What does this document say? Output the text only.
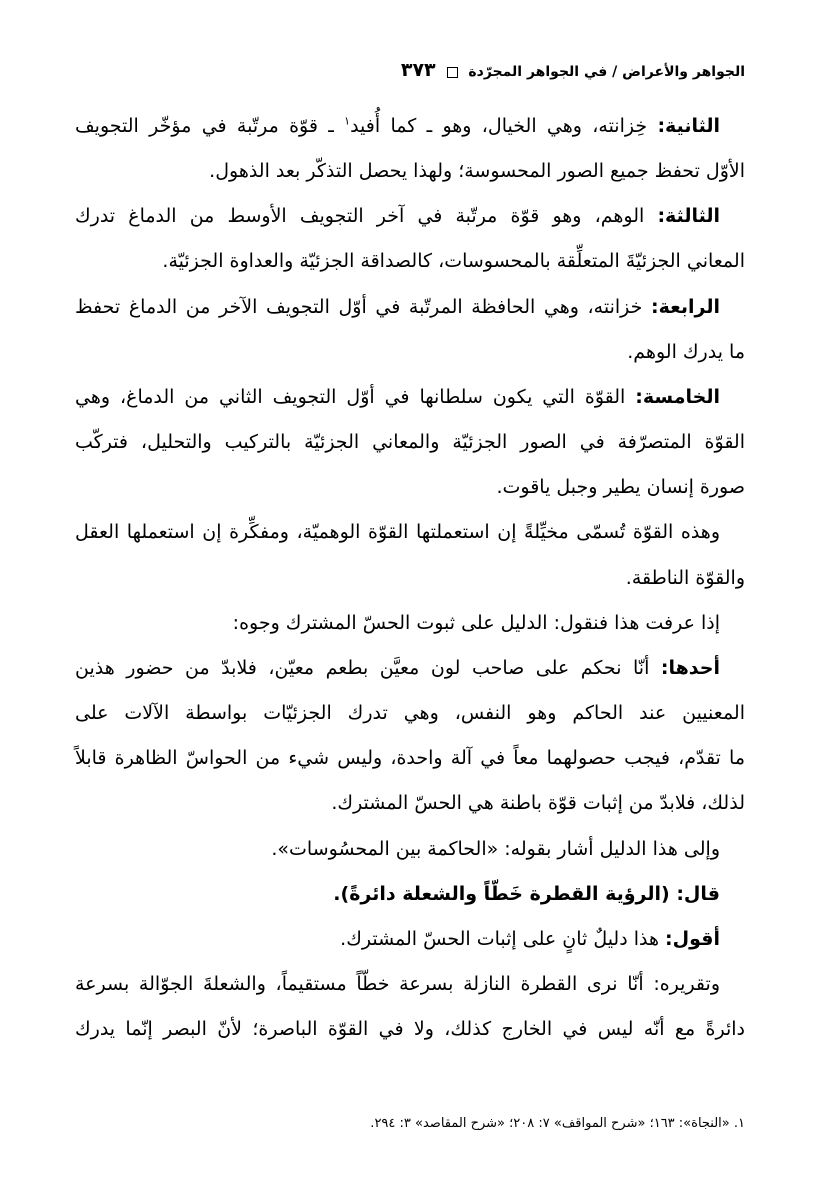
الجواهر والأعراض / في الجواهر المجرّدة  ٣٧٣
الثانية: خِزانته، وهي الخيال، وهو ـ كما أُفيد$^١$ ـ قوّة مرتّبة في مؤخّر التجويف
الأوّل تحفظ جميع الصور المحسوسة؛ ولهذا يحصل التذكّر بعد الذهول.
الثالثة: الوهم، وهو قوّة مرتّبة في آخر التجويف الأوسط من الدماغ تدرك
المعاني الجزئيّةَ المتعلِّقة بالمحسوسات، كالصداقة الجزئيّة والعداوة الجزئيّة.
الرابعة: خزانته، وهي الحافظة المرتّبة في أوّل التجويف الآخر من الدماغ تحفظ
ما يدرك الوهم.
الخامسة: القوّة التي يكون سلطانها في أوّل التجويف الثاني من الدماغ، وهي
القوّة المتصرّفة في الصور الجزئيّة والمعاني الجزئيّة بالتركيب والتحليل، فتركّب
صورة إنسان يطير وجبل ياقوت.
وهذه القوّة تُسمّى مخيِّلةً إن استعملتها القوّة الوهميّة، ومفكِّرة إن استعملها العقل
والقوّة الناطقة.
إذا عرفت هذا فنقول: الدليل على ثبوت الحسّ المشترك وجوه:
أحدها: أنّا نحكم على صاحب لون معيَّن بطعم معيّن، فلابدّ من حضور هذين
المعنيين عند الحاكم وهو النفس، وهي تدرك الجزئيّات بواسطة الآلات على
ما تقدّم، فيجب حصولهما معاً في آلة واحدة، وليس شيء من الحواسّ الظاهرة قابلاً
لذلك، فلابدّ من إثبات قوّة باطنة هي الحسّ المشترك.
وإلى هذا الدليل أشار بقوله: «الحاكمة بين المحسُوسات».
قال: (الرؤية القطرة خَطّاً والشعلة دائرةً).
أقول: هذا دليلٌ ثانٍ على إثبات الحسّ المشترك.
وتقريره: أنّا نرى القطرة النازلة بسرعة خطّاً مستقيماً، والشعلةَ الجوّالة بسرعة
دائرةً مع أنّه ليس في الخارج كذلك، ولا في القوّة الباصرة؛ لأنّ البصر إنّما يدرك
١. «النجاة»: ١٦٣؛ «شرح المواقف» ٧: ٢٠٨؛ «شرح المقاصد» ٣: ٢٩٤.
